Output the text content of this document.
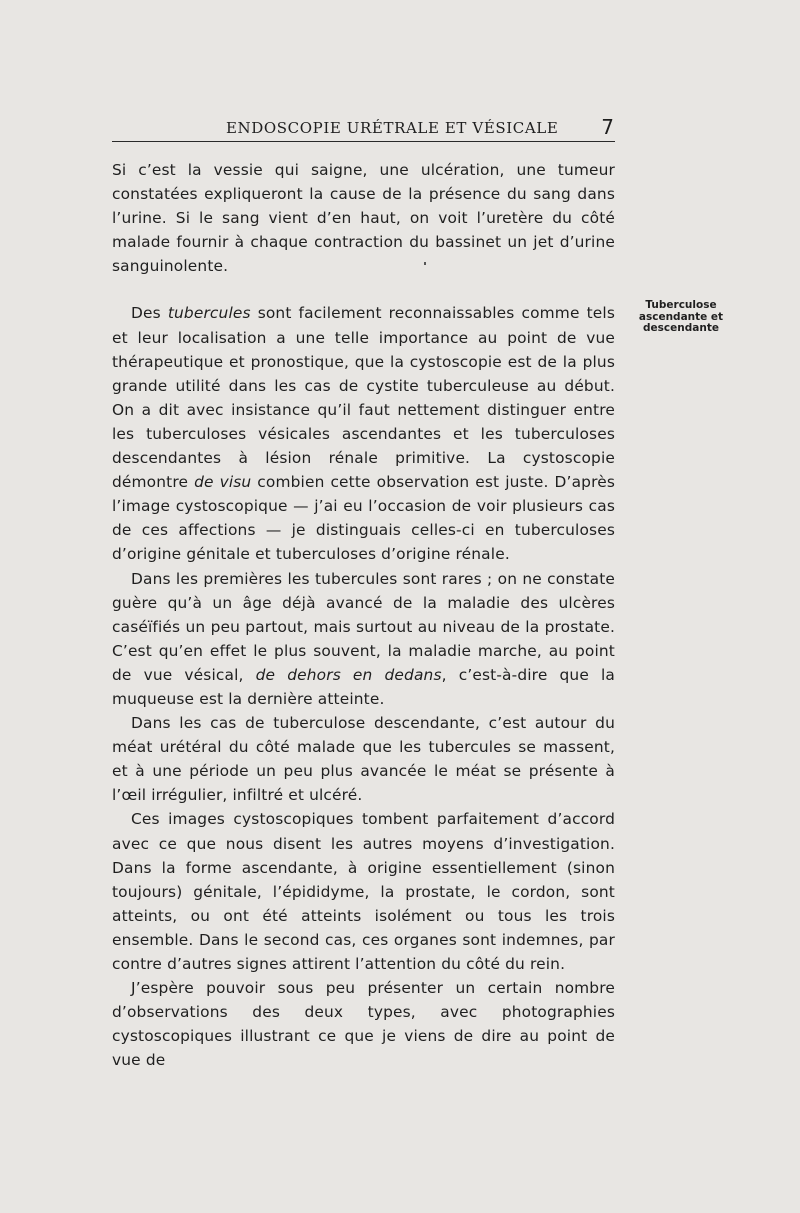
ENDOSCOPIE URÉTRALE ET VÉSICALE 7
Tuberculose ascendante et descendante

Si c’est la vessie qui saigne, une ulcération, une tumeur constatées expliqueront la cause de la présence du sang dans l’urine. Si le sang vient d’en haut, on voit l’uretère du côté malade fournir à chaque contraction du bassinet un jet d’urine sanguinolente.

Des tubercules sont facilement reconnaissables comme tels et leur localisation a une telle importance au point de vue thérapeutique et pronostique, que la cystoscopie est de la plus grande utilité dans les cas de cystite tuberculeuse au début. On a dit avec insistance qu’il faut nettement distinguer entre les tuberculoses vésicales ascendantes et les tuberculoses descendantes à lésion rénale primitive. La cystoscopie démontre de visu combien cette observation est juste. D’après l’image cystoscopique — j’ai eu l’occasion de voir plusieurs cas de ces affections — je distinguais celles-ci en tuberculoses d’origine génitale et tuberculoses d’origine rénale.

Dans les premières les tubercules sont rares ; on ne constate guère qu’à un âge déjà avancé de la maladie des ulcères caséïfiés un peu partout, mais surtout au niveau de la prostate. C’est qu’en effet le plus souvent, la maladie marche, au point de vue vésical, de dehors en dedans, c’est-à-dire que la muqueuse est la dernière atteinte.

Dans les cas de tuberculose descendante, c’est autour du méat urétéral du côté malade que les tubercules se massent, et à une période un peu plus avancée le méat se présente à l’œil irrégulier, infiltré et ulcéré.

Ces images cystoscopiques tombent parfaitement d’accord avec ce que nous disent les autres moyens d’investigation. Dans la forme ascendante, à origine essentiellement (sinon toujours) génitale, l’épididyme, la prostate, le cordon, sont atteints, ou ont été atteints isolément ou tous les trois ensemble. Dans le second cas, ces organes sont indemnes, par contre d’autres signes attirent l’attention du côté du rein.

J’espère pouvoir sous peu présenter un certain nombre d’observations des deux types, avec photographies cystoscopiques illustrant ce que je viens de dire au point de vue de
